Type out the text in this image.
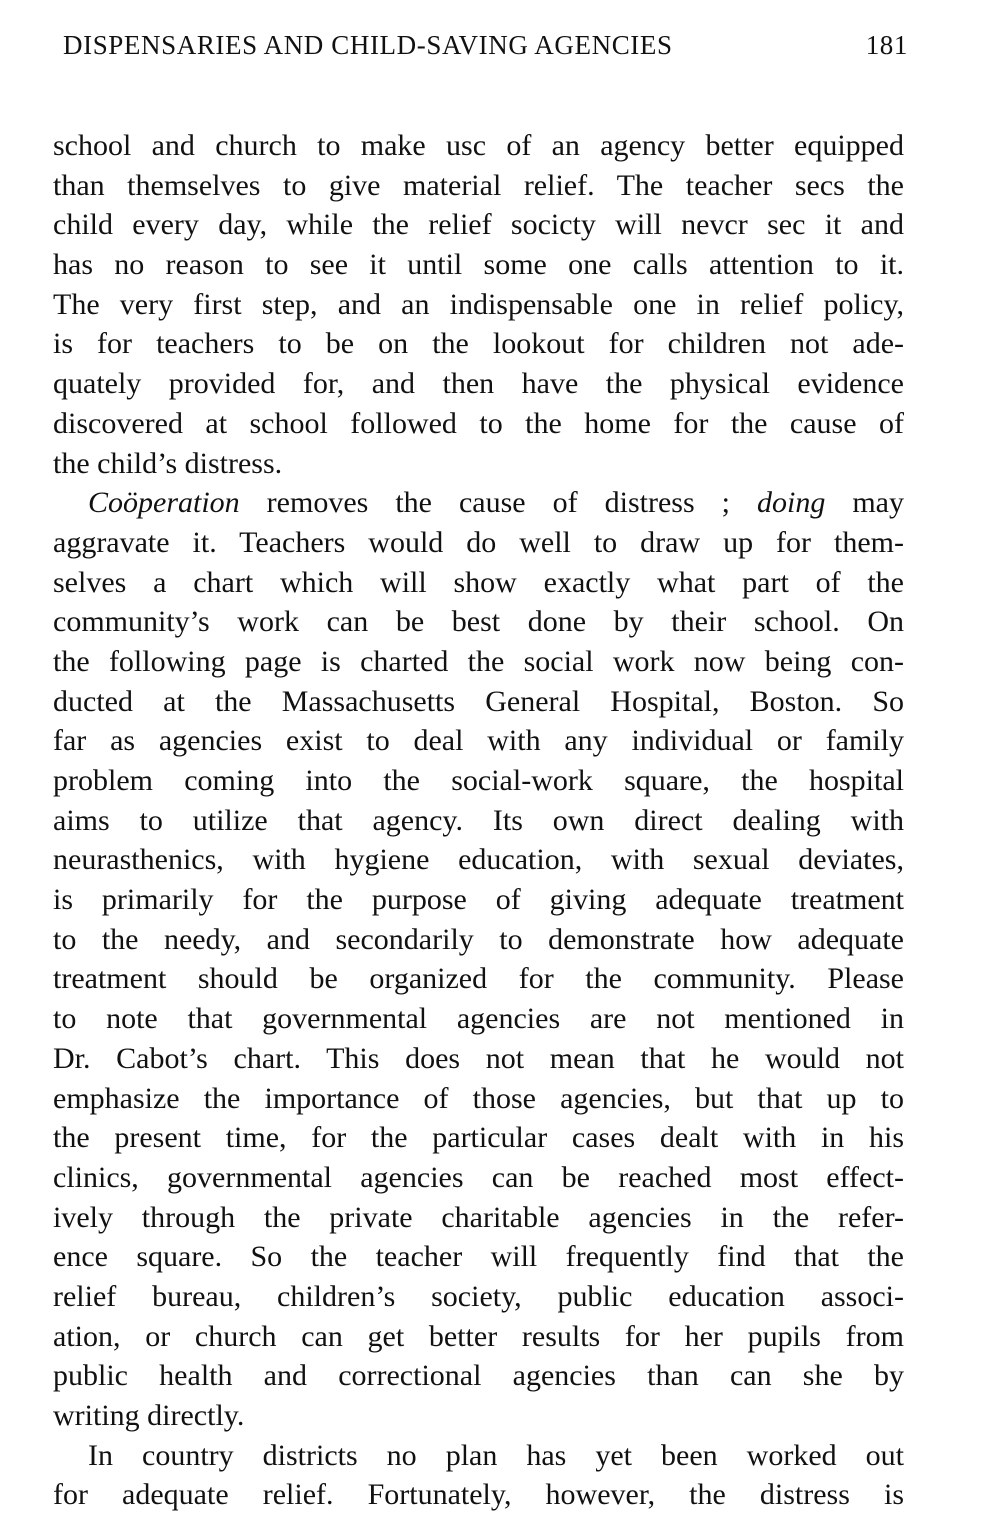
DISPENSARIES AND CHILD-SAVING AGENCIES	181
school and church to make usc of an agency better equipped
than themselves to give material relief. The teacher secs the
child every day, while the relief socicty will nevcr sec it and
has no reason to see it until some one calls attention to it.
The very first step, and an indispensable one in relief policy,
is for teachers to be on the lookout for children not ade-
quately provided for, and then have the physical evidence
discovered at school followed to the home for the cause of
the child’s distress.
Coöperation removes the cause of distress ; doing may
aggravate it. Teachers would do well to draw up for them-
selves a chart which will show exactly what part of the
community’s work can be best done by their school. On
the following page is charted the social work now being con-
ducted at the Massachusetts General Hospital, Boston. So
far as agencies exist to deal with any individual or family
problem coming into the social-work square, the hospital
aims to utilize that agency. Its own direct dealing with
neurasthenics, with hygiene education, with sexual deviates,
is primarily for the purpose of giving adequate treatment
to the needy, and secondarily to demonstrate how adequate
treatment should be organized for the community. Please
to note that governmental agencies are not mentioned in
Dr. Cabot’s chart. This does not mean that he would not
emphasize the importance of those agencies, but that up to
the present time, for the particular cases dealt with in his
clinics, governmental agencies can be reached most effect-
ively through the private charitable agencies in the refer-
ence square. So the teacher will frequently find that the
relief bureau, children’s society, public education associ-
ation, or church can get better results for her pupils from
public health and correctional agencies than can she by
writing directly.
In country districts no plan has yet been worked out
for adequate relief. Fortunately, however, the distress is
